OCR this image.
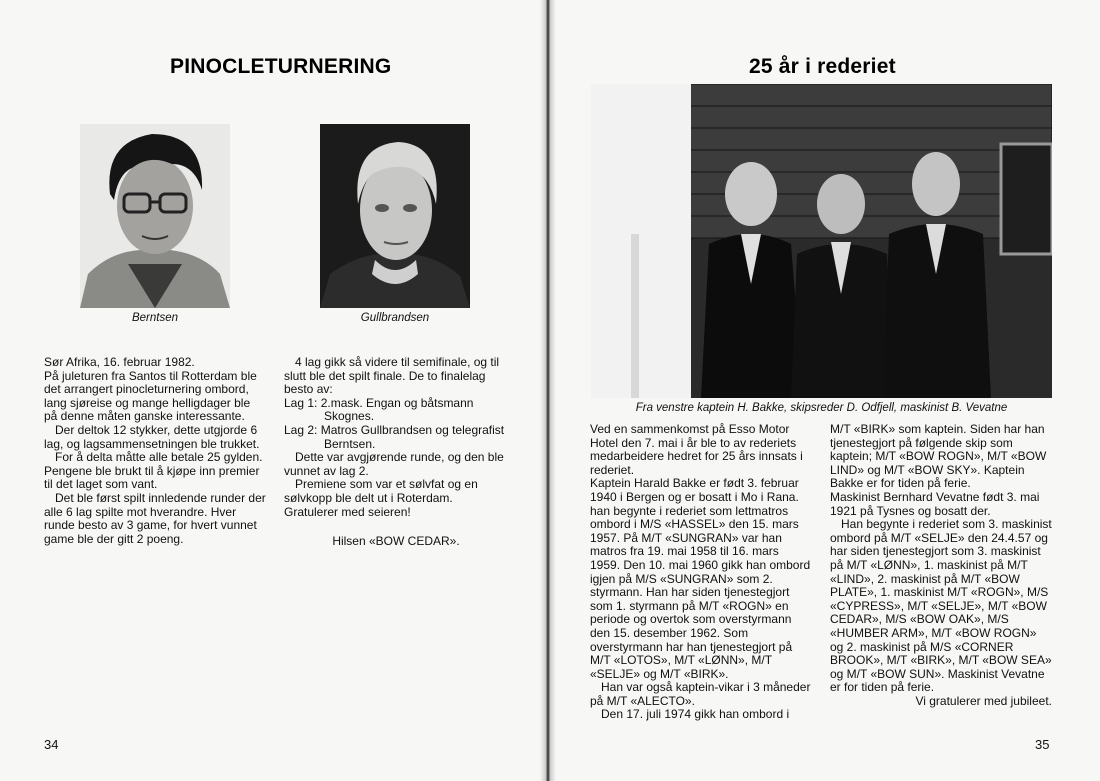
PINOCLETURNERING
Berntsen	Gullbrandsen

Sør Afrika, 16. februar 1982.

På juleturen fra Santos til Rotterdam ble det arrangert pinocleturnering ombord, lang sjøreise og mange helligdager ble på denne måten ganske interessante.

Der deltok 12 stykker, dette utgjorde 6 lag, og lagsammensetningen ble trukket.

For å delta måtte alle betale 25 gylden. Pengene ble brukt til å kjøpe inn premier til det laget som vant.

Det ble først spilt innledende runder der alle 6 lag spilte mot hverandre. Hver runde besto av 3 game, for hvert vunnet game ble der gitt 2 poeng.

4 lag gikk så videre til semifinale, og til slutt ble det spilt finale. De to finalelag besto av:

Lag 1: 2.mask. Engan og båtsmann Skognes.

Lag 2: Matros Gullbrandsen og telegrafist Berntsen.

Dette var avgjørende runde, og den ble vunnet av lag 2.

Premiene som var et sølvfat og en sølvkopp ble delt ut i Roterdam.

Gratulerer med seieren!

Hilsen «BOW CEDAR».

34
25 år i rederiet
Fra venstre kaptein H. Bakke, skipsreder D. Odfjell, maskinist B. Vevatne

Ved en sammenkomst på Esso Motor Hotel den 7. mai i år ble to av rederiets medarbeidere hedret for 25 års innsats i rederiet.

Kaptein Harald Bakke er født 3. februar 1940 i Bergen og er bosatt i Mo i Rana. han begynte i rederiet som lettmatros ombord i M/S «HASSEL» den 15. mars 1957. På M/T «SUNGRAN» var han matros fra 19. mai 1958 til 16. mars 1959. Den 10. mai 1960 gikk han ombord igjen på M/S «SUNGRAN» som 2. styrmann. Han har siden tjenestegjort som 1. styrmann på M/T «ROGN» en periode og overtok som overstyrmann den 15. desember 1962. Som overstyrmann har han tjenestegjort på M/T «LOTOS», M/T «LØNN», M/T «SELJE» og M/T «BIRK».

Han var også kaptein-vikar i 3 måneder på M/T «ALECTO».

Den 17. juli 1974 gikk han ombord i

M/T «BIRK» som kaptein. Siden har han tjenestegjort på følgende skip som kaptein; M/T «BOW ROGN», M/T «BOW LIND» og M/T «BOW SKY». Kaptein Bakke er for tiden på ferie.

Maskinist Bernhard Vevatne født 3. mai 1921 på Tysnes og bosatt der.

Han begynte i rederiet som 3. maskinist ombord på M/T «SELJE» den 24.4.57 og har siden tjenestegjort som 3. maskinist på M/T «LØNN», 1. maskinist på M/T «LIND», 2. maskinist på M/T «BOW PLATE», 1. maskinist M/T «ROGN», M/S «CYPRESS», M/T «SELJE», M/T «BOW CEDAR», M/S «BOW OAK», M/S «HUMBER ARM», M/T «BOW ROGN» og 2. maskinist på M/S «CORNER BROOK», M/T «BIRK», M/T «BOW SEA» og M/T «BOW SUN». Maskinist Vevatne er for tiden på ferie.

Vi gratulerer med jubileet.

35
